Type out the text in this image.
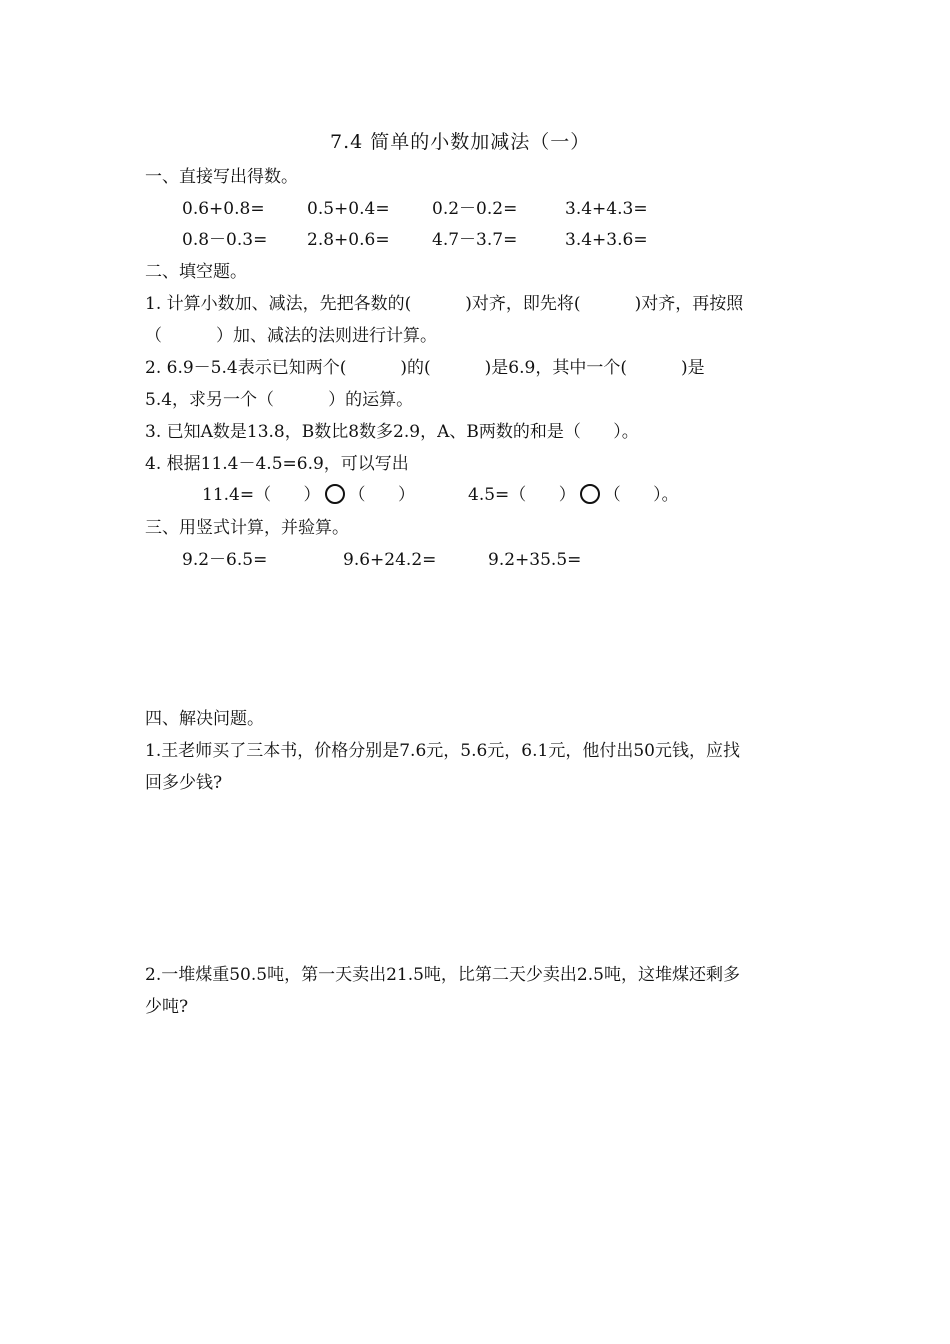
7.4 简单的小数加减法（一）
一、直接写出得数。
0.6+0.8= 0.5+0.4= 0.2－0.2=	3.4+4.3=
0.8－0.3= 2.8+0.6= 4.7－3.7=	3.4+3.6=
二、填空题。
1. 计算小数加、减法，先把各数的(          )对齐，即先将(          )对齐，再按照
（          ）加、减法的法则进行计算。
2. 6.9－5.4表示已知两个(          )的(          )是6.9，其中一个(          )是
5.4，求另一个（          ）的运算。
3. 已知A数是13.8，B数比8数多2.9，A、B两数的和是（      ）。
4. 根据11.4－4.5=6.9，可以写出
11.4=（      ） （      ）	4.5=（      ） （      ）。
三、用竖式计算，并验算。
9.2－6.5=	9.6+24.2=	9.2+35.5=
四、解决问题。
1.王老师买了三本书，价格分别是7.6元，5.6元，6.1元，他付出50元钱，应找
回多少钱?
2.一堆煤重50.5吨，第一天卖出21.5吨，比第二天少卖出2.5吨，这堆煤还剩多
少吨?
